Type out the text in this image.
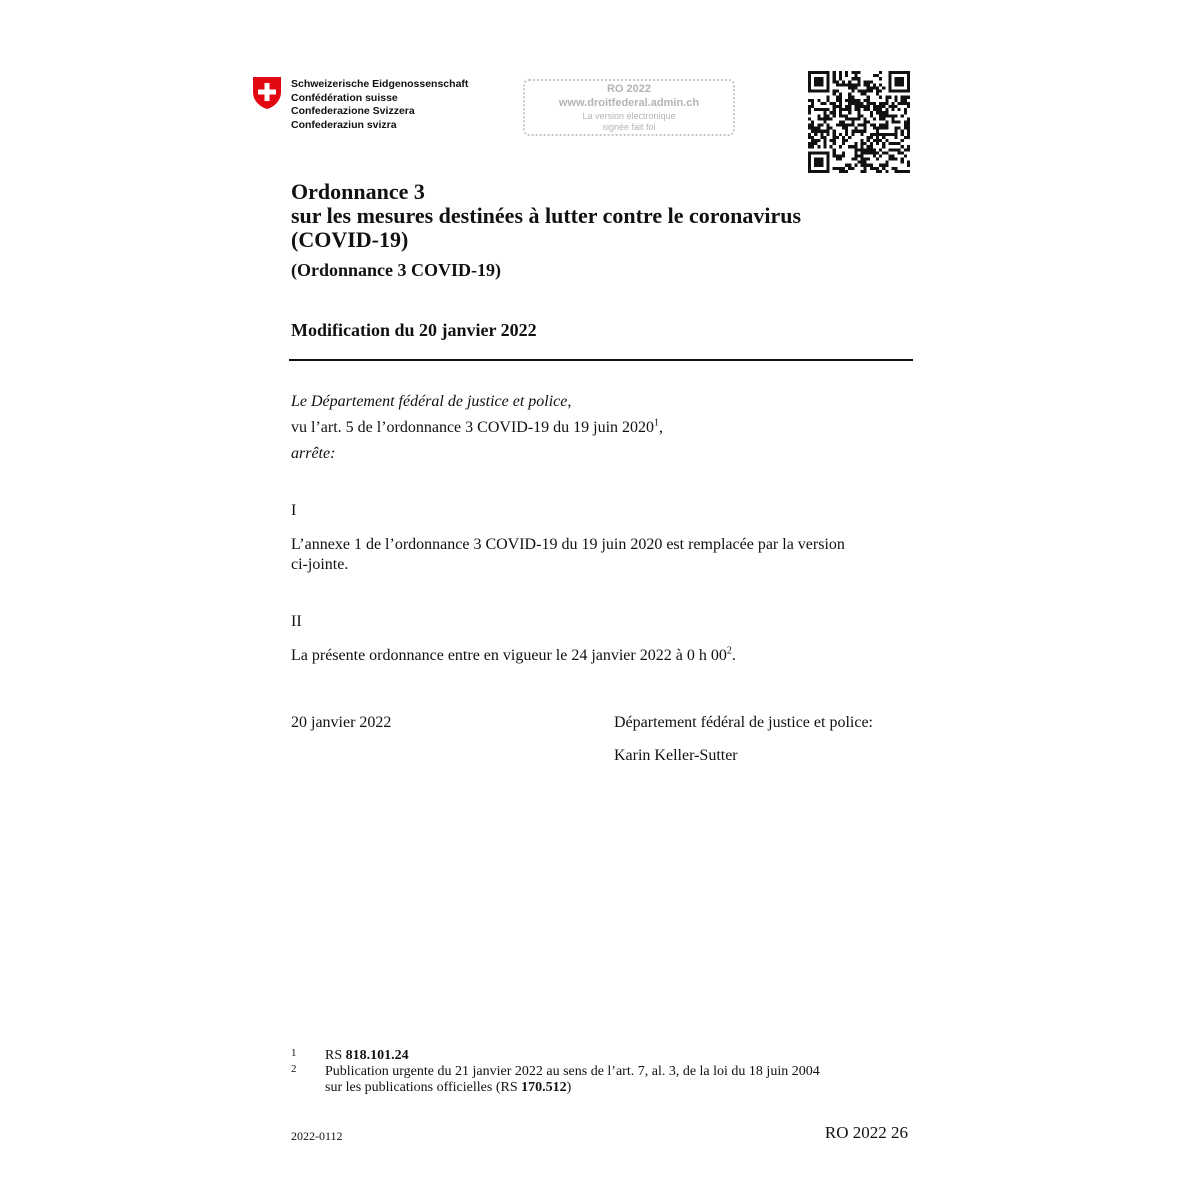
Schweizerische Eidgenossenschaft
Confédération suisse
Confederazione Svizzera
Confederaziun svizra
RO 2022
www.droitfederal.admin.ch
La version électronique
signée fait foi
Ordonnance 3
sur les mesures destinées à lutter contre le coronavirus
(COVID-19)
(Ordonnance 3 COVID-19)
Modification du 20 janvier 2022
Le Département fédéral de justice et police,
vu l’art. 5 de l’ordonnance 3 COVID-19 du 19 juin 2020$^1$,
arrête:
I
L’annexe 1 de l’ordonnance 3 COVID-19 du 19 juin 2020 est remplacée par la version
ci-jointe.
II
La présente ordonnance entre en vigueur le 24 janvier 2022 à 0 h $00^2$.
20 janvier 2022	Département fédéral de justice et police:
Karin Keller-Sutter
1 RS 818.101.24
2 Publication urgente du 21 janvier 2022 au sens de l’art. 7, al. 3, de la loi du 18 juin 2004
sur les publications officielles (RS 170.512)
2022-0112	RO 2022 26
